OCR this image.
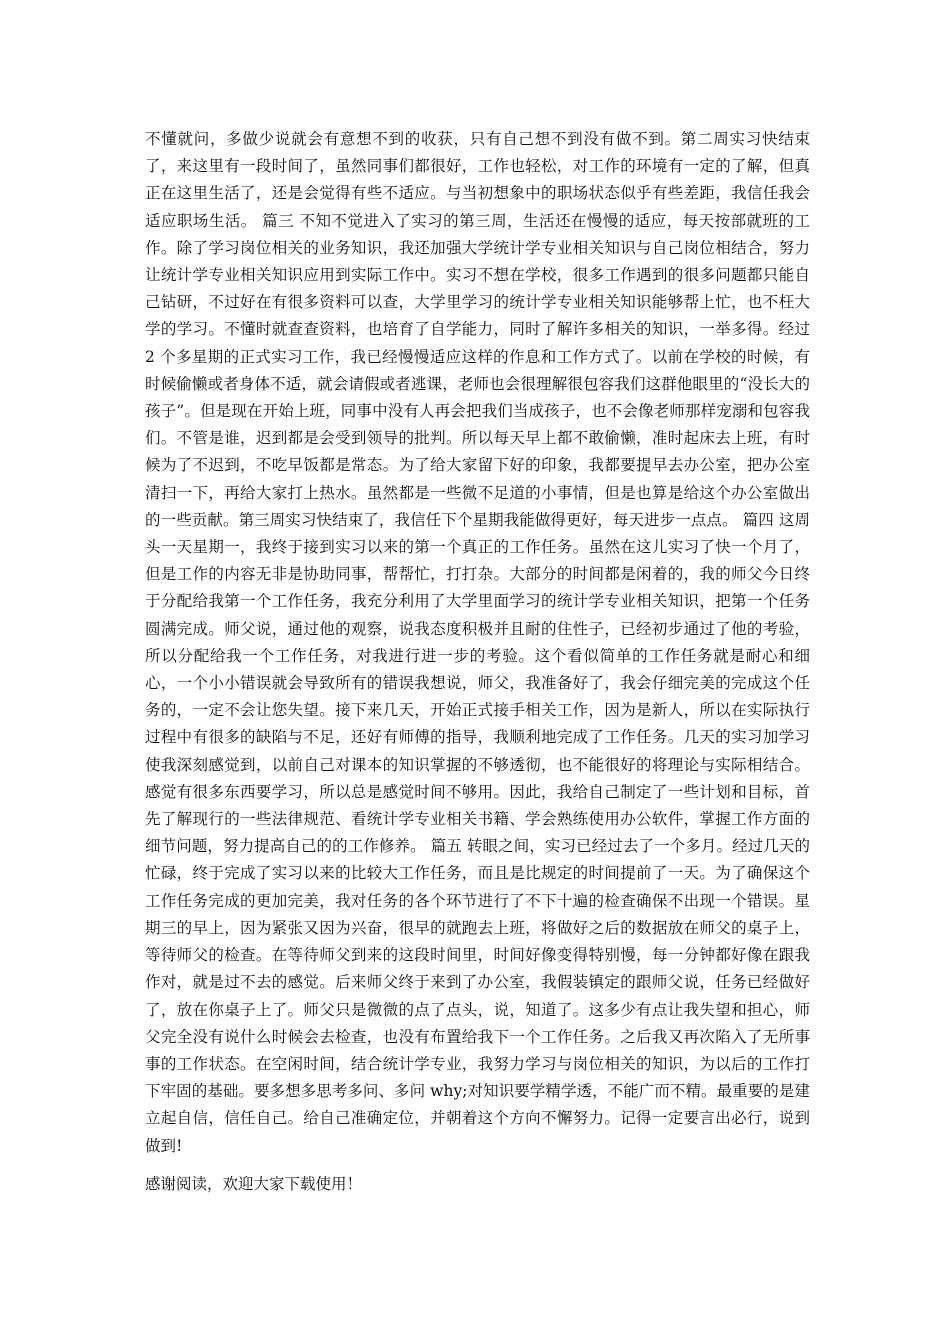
不懂就问，多做少说就会有意想不到的收获，只有自己想不到没有做不到。第二周实习快结束了，来这里有一段时间了，虽然同事们都很好，工作也轻松，对工作的环境有一定的了解，但真正在这里生活了，还是会觉得有些不适应。与当初想象中的职场状态似乎有些差距，我信任我会适应职场生活。 篇三 不知不觉进入了实习的第三周，生活还在慢慢的适应，每天按部就班的工作。除了学习岗位相关的业务知识，我还加强大学统计学专业相关知识与自己岗位相结合，努力让统计学专业相关知识应用到实际工作中。实习不想在学校，很多工作遇到的很多问题都只能自己钻研，不过好在有很多资料可以查，大学里学习的统计学专业相关知识能够帮上忙，也不枉大学的学习。不懂时就查查资料，也培育了自学能力，同时了解许多相关的知识，一举多得。经过 2 个多星期的正式实习工作，我已经慢慢适应这样的作息和工作方式了。以前在学校的时候，有时候偷懒或者身体不适，就会请假或者逃课，老师也会很理解很包容我们这群他眼里的“没长大的孩子”。但是现在开始上班，同事中没有人再会把我们当成孩子，也不会像老师那样宠溺和包容我们。不管是谁，迟到都是会受到领导的批判。所以每天早上都不敢偷懒，准时起床去上班，有时候为了不迟到，不吃早饭都是常态。为了给大家留下好的印象，我都要提早去办公室，把办公室清扫一下，再给大家打上热水。虽然都是一些微不足道的小事情，但是也算是给这个办公室做出的一些贡献。第三周实习快结束了，我信任下个星期我能做得更好，每天进步一点点。 篇四 这周头一天星期一，我终于接到实习以来的第一个真正的工作任务。虽然在这儿实习了快一个月了，但是工作的内容无非是协助同事，帮帮忙，打打杂。大部分的时间都是闲着的，我的师父今日终于分配给我第一个工作任务，我充分利用了大学里面学习的统计学专业相关知识，把第一个任务圆满完成。师父说，通过他的观察，说我态度积极并且耐的住性子，已经初步通过了他的考验，所以分配给我一个工作任务，对我进行进一步的考验。这个看似简单的工作任务就是耐心和细心，一个小小错误就会导致所有的错误我想说，师父，我准备好了，我会仔细完美的完成这个任务的，一定不会让您失望。接下来几天，开始正式接手相关工作，因为是新人，所以在实际执行过程中有很多的缺陷与不足，还好有师傅的指导，我顺利地完成了工作任务。几天的实习加学习使我深刻感觉到，以前自己对课本的知识掌握的不够透彻，也不能很好的将理论与实际相结合。感觉有很多东西要学习，所以总是感觉时间不够用。因此，我给自己制定了一些计划和目标，首先了解现行的一些法律规范、看统计学专业相关书籍、学会熟练使用办公软件，掌握工作方面的细节问题，努力提高自己的的工作修养。 篇五 转眼之间，实习已经过去了一个多月。经过几天的忙碌，终于完成了实习以来的比较大工作任务，而且是比规定的时间提前了一天。为了确保这个工作任务完成的更加完美，我对任务的各个环节进行了不下十遍的检查确保不出现一个错误。星期三的早上，因为紧张又因为兴奋，很早的就跑去上班，将做好之后的数据放在师父的桌子上，等待师父的检查。在等待师父到来的这段时间里，时间好像变得特别慢，每一分钟都好像在跟我作对，就是过不去的感觉。后来师父终于来到了办公室，我假装镇定的跟师父说，任务已经做好了，放在你桌子上了。师父只是微微的点了点头，说，知道了。这多少有点让我失望和担心，师父完全没有说什么时候会去检查，也没有布置给我下一个工作任务。之后我又再次陷入了无所事事的工作状态。在空闲时间，结合统计学专业，我努力学习与岗位相关的知识，为以后的工作打下牢固的基础。要多想多思考多问、多问 why;对知识要学精学透，不能广而不精。最重要的是建立起自信，信任自己。给自己准确定位，并朝着这个方向不懈努力。记得一定要言出必行，说到做到!

感谢阅读，欢迎大家下载使用！
